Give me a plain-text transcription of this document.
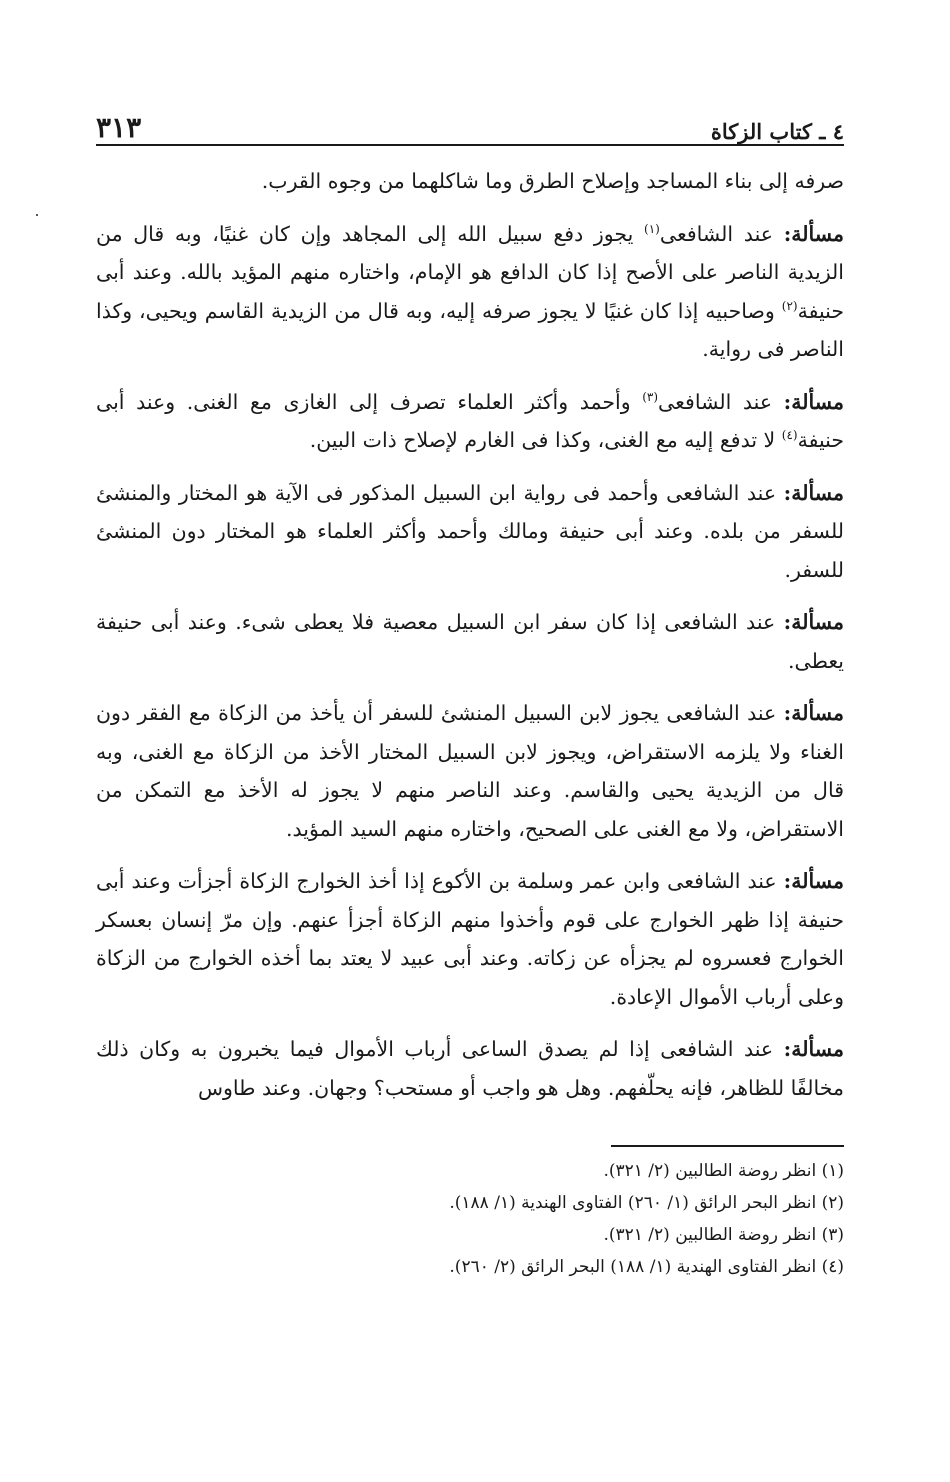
٤ ـ كتاب الزكاة
٣١٣

صرفه إلى بناء المساجد وإصلاح الطرق وما شاكلهما من وجوه القرب.

مسألة: عند الشافعى$^{(١)}$ يجوز دفع سبيل الله إلى المجاهد وإن كان غنيًا، وبه قال من الزيدية الناصر على الأصح إذا كان الدافع هو الإمام، واختاره منهم المؤيد بالله. وعند أبى حنيفة$^{(٢)}$ وصاحبيه إذا كان غنيًا لا يجوز صرفه إليه، وبه قال من الزيدية القاسم ويحيى، وكذا الناصر فى رواية.

مسألة: عند الشافعى$^{(٣)}$ وأحمد وأكثر العلماء تصرف إلى الغازى مع الغنى. وعند أبى حنيفة$^{(٤)}$ لا تدفع إليه مع الغنى، وكذا فى الغارم لإصلاح ذات البين.

مسألة: عند الشافعى وأحمد فى رواية ابن السبيل المذكور فى الآية هو المختار والمنشئ للسفر من بلده. وعند أبى حنيفة ومالك وأحمد وأكثر العلماء هو المختار دون المنشئ للسفر.

مسألة: عند الشافعى إذا كان سفر ابن السبيل معصية فلا يعطى شىء. وعند أبى حنيفة يعطى.

مسألة: عند الشافعى يجوز لابن السبيل المنشئ للسفر أن يأخذ من الزكاة مع الفقر دون الغناء ولا يلزمه الاستقراض، ويجوز لابن السبيل المختار الأخذ من الزكاة مع الغنى، وبه قال من الزيدية يحيى والقاسم. وعند الناصر منهم لا يجوز له الأخذ مع التمكن من الاستقراض، ولا مع الغنى على الصحيح، واختاره منهم السيد المؤيد.

مسألة: عند الشافعى وابن عمر وسلمة بن الأكوع إذا أخذ الخوارج الزكاة أجزأت وعند أبى حنيفة إذا ظهر الخوارج على قوم وأخذوا منهم الزكاة أجزأ عنهم. وإن مرّ إنسان بعسكر الخوارج فعسروه لم يجزأه عن زكاته. وعند أبى عبيد لا يعتد بما أخذه الخوارج من الزكاة وعلى أرباب الأموال الإعادة.

مسألة: عند الشافعى إذا لم يصدق الساعى أرباب الأموال فيما يخبرون به وكان ذلك مخالفًا للظاهر، فإنه يحلّفهم. وهل هو واجب أو مستحب؟ وجهان. وعند طاوس

(١) انظر روضة الطالبين (٢/ ٣٢١).

(٢) انظر البحر الرائق (١/ ٢٦٠) الفتاوى الهندية (١/ ١٨٨).

(٣) انظر روضة الطالبين (٢/ ٣٢١).

(٤) انظر الفتاوى الهندية (١/ ١٨٨) البحر الرائق (٢/ ٢٦٠).
